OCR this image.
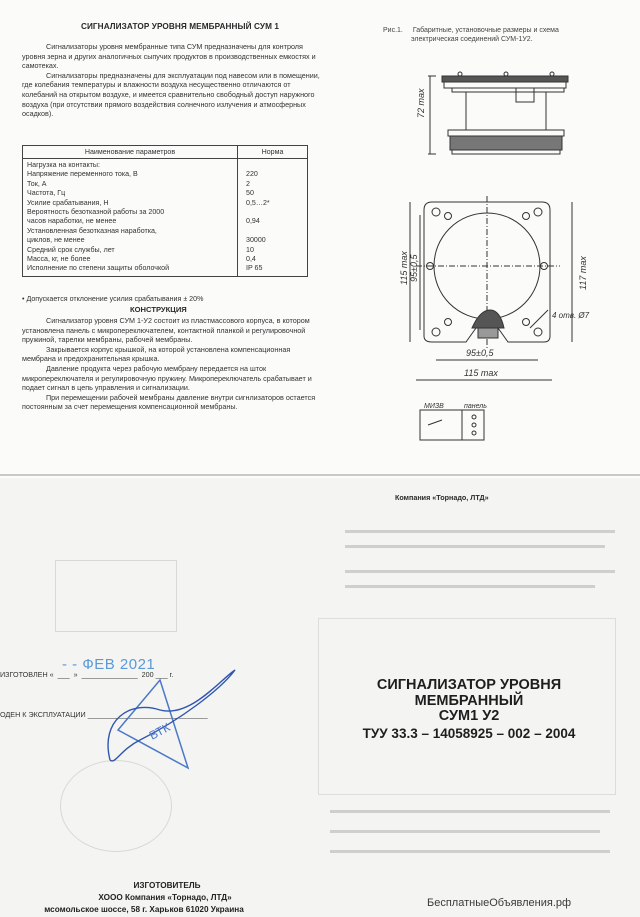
СИГНАЛИЗАТОР УРОВНЯ МЕМБРАННЫЙ СУМ 1
Сигнализаторы уровня мембранные типа СУМ предназначены для контроля уровня зерна и других аналогичных сыпучих продуктов в производственных емкостях и самотеках.
Сигнализаторы предназначены для эксплуатации под навесом или в помещении, где колебания температуры и влажности воздуха несущественно отличаются от колебаний на открытом воздухе, и имеется сравнительно свободный доступ наружного воздуха (при отсутствии прямого воздействия солнечного излучения и атмосферных осадков).
Наименование параметров	Норма
Нагрузка на контакты:	
Напряжение переменного тока, В	220
Ток, А	2
Частота, Гц	50
Усилие срабатывания, Н	0,5…2*
Вероятность безотказной работы за 2000	
часов наработки, не менее	0,94
Установленная безотказная наработка,	
циклов, не менее	30000
Средний срок службы, лет	10
Масса, кг, не более	0,4
Исполнение по степени защиты оболочкой	IP 65
• Допускается отклонение усилия срабатывания ± 20%
КОНСТРУКЦИЯ
Сигнализатор уровня СУМ 1-У2 состоит из пластмассового корпуса, в котором установлена панель с микропереключателем, контактной планкой и регулировочной пружиной, тарелки мембраны, рабочей мембраны.
Закрывается корпус крышкой, на которой установлена компенсационная мембрана и предохранительная крышка.
Давление продукта через рабочую мембрану передается на шток микропереключателя и регулировочную пружину. Микропереключатель срабатывает и подает сигнал в цепь управления и сигнализации.
При перемещении рабочей мембраны давление внутри сигнлизаторов остается постоянным за счет перемещения компенсационной мембраны.
Рис.1. Габаритные, установочные размеры и схема
электрическая соединений СУМ-1У2.
72 max
115 max 95±0,5	117 max
95±0,5
115 max
4 отв. Ø7
МИЗВ	панель
Компания «Торнадо, ЛТД»
СИГНАЛИЗАТОР УРОВНЯ
МЕМБРАННЫЙ
СУМ1 У2
ТУУ 33.3 – 14058925 – 002 – 2004
- - ФЕВ 2021
ИЗГОТОВЛЕН «  ___  »  ______________  200 ___ г.
ОДЕН К ЭКСПЛУАТАЦИИ ______________________________
ВТК
ИЗГОТОВИТЕЛЬ
ХООО Компания «Торнадо, ЛТД»
мсомольское шоссе, 58 г. Харьков 61020 Украина
БесплатныеОбъявления.рф
